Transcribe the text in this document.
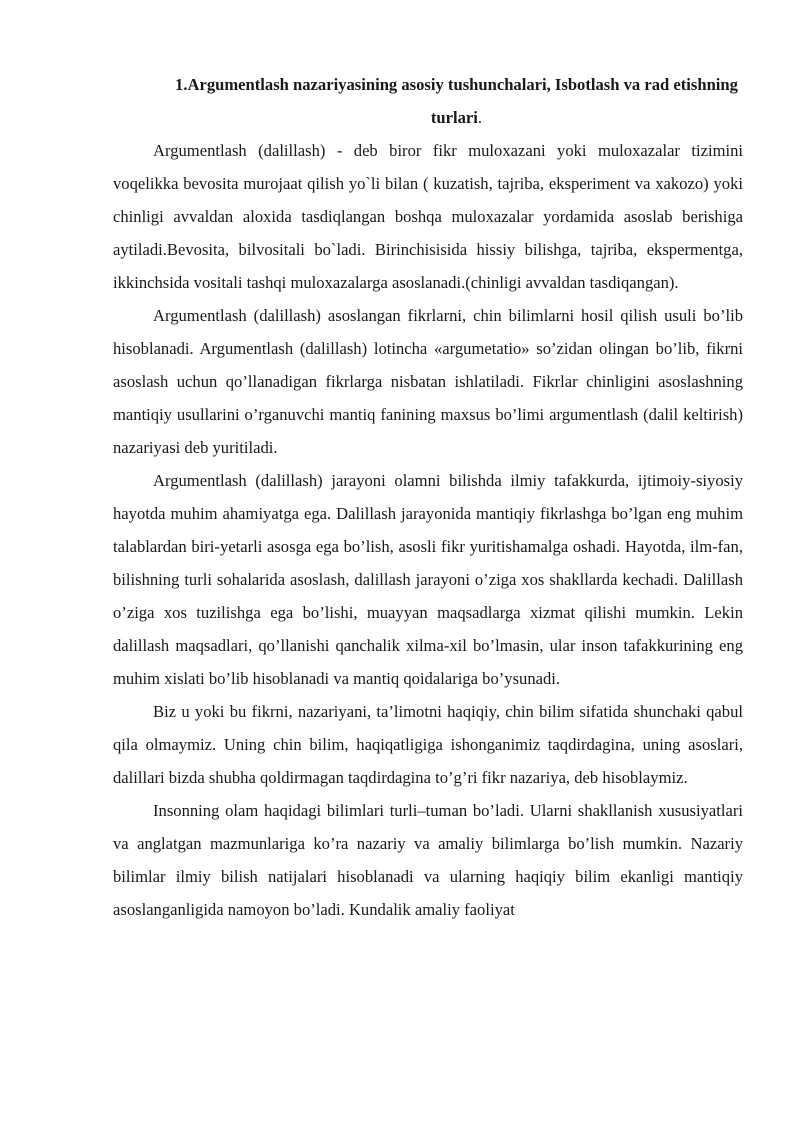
1.Argumentlash nazariyasining asosiy tushunchalari, Isbotlash va rad etishning turlari.

Argumentlash (dalillash) - deb biror fikr muloxazani yoki muloxazalar tizimini voqelikka bevosita murojaat qilish yo`li bilan ( kuzatish, tajriba, eksperiment va xakozo) yoki chinligi avvaldan aloxida tasdiqlangan boshqa muloxazalar yordamida asoslab berishiga aytiladi.Bevosita, bilvositali bo`ladi. Birinchisisida hissiy bilishga, tajriba, ekspermentga, ikkinchsida vositali tashqi muloxazalarga asoslanadi.(chinligi avvaldan tasdiqangan).

Argumentlash (dalillash) asoslangan fikrlarni, chin bilimlarni hosil qilish usuli bo’lib hisoblanadi. Argumentlash (dalillash) lotincha «argumetatio» so’zidan olingan bo’lib, fikrni asoslash uchun qo’llanadigan fikrlarga nisbatan ishlatiladi. Fikrlar chinligini asoslashning mantiqiy usullarini o’rganuvchi mantiq fanining maxsus bo’limi argumentlash (dalil keltirish) nazariyasi deb yuritiladi.

Argumentlash (dalillash) jarayoni olamni bilishda ilmiy tafakkurda, ijtimoiy-siyosiy hayotda muhim ahamiyatga ega. Dalillash jarayonida mantiqiy fikrlashga bo’lgan eng muhim talablardan biri-yetarli asosga ega bo’lish, asosli fikr yuritishamalga oshadi. Hayotda, ilm-fan, bilishning turli sohalarida asoslash, dalillash jarayoni o’ziga xos shakllarda kechadi. Dalillash o’ziga xos tuzilishga ega bo’lishi, muayyan maqsadlarga xizmat qilishi mumkin. Lekin dalillash maqsadlari, qo’llanishi qanchalik xilma-xil bo’lmasin, ular inson tafakkurining eng muhim xislati bo’lib hisoblanadi va mantiq qoidalariga bo’ysunadi.

Biz u yoki bu fikrni, nazariyani, ta’limotni haqiqiy, chin bilim sifatida shunchaki qabul qila olmaymiz. Uning chin bilim, haqiqatligiga ishonganimiz taqdirdagina, uning asoslari, dalillari bizda shubha qoldirmagan taqdirdagina to’g’ri fikr nazariya, deb hisoblaymiz.

Insonning olam haqidagi bilimlari turli–tuman bo’ladi. Ularni shakllanish xususiyatlari va anglatgan mazmunlariga ko’ra nazariy va amaliy bilimlarga bo’lish mumkin. Nazariy bilimlar ilmiy bilish natijalari hisoblanadi va ularning haqiqiy bilim ekanligi mantiqiy asoslanganligida namoyon bo’ladi. Kundalik amaliy faoliyat
